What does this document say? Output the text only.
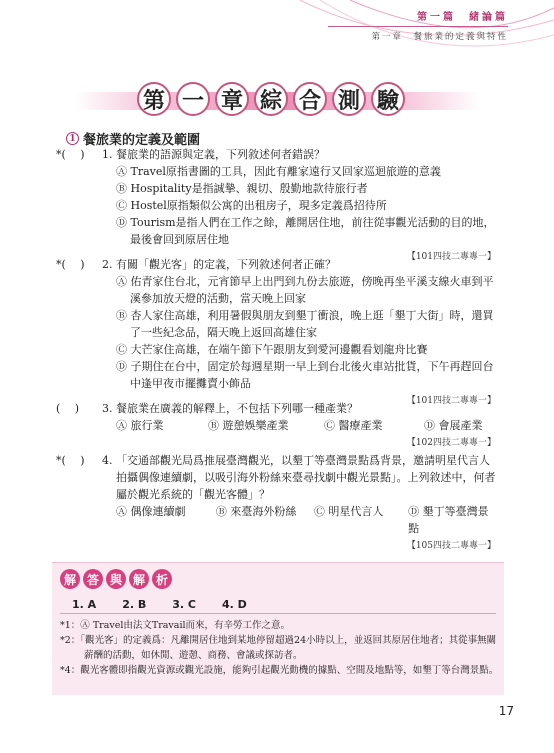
第一篇　緒論篇
第一章　餐旅業的定義與特性
第 一 章 綜 合 測 驗
1 餐旅業的定義及範圍
*(　 ) 1. 餐旅業的語源與定義，下列敘述何者錯誤？
Ⓐ Travel原指書圖的工具，因此有離家遠行又回家巡迴旅遊的意義
Ⓑ Hospitality是指誠摯、親切、殷勤地款待旅行者
Ⓒ Hostel原指類似公寓的出租房子，現多定義爲招待所
Ⓓ Tourism是指人們在工作之餘，離開居住地，前往從事觀光活動的目的地，最後會回到原居住地
【101四技二專專一】
*(　 ) 2. 有關「觀光客」的定義，下列敘述何者正確？
Ⓐ 佑青家住台北，元宵節早上出門到九份去旅遊，傍晚再坐平溪支線火車到平溪參加放天燈的活動，當天晚上回家
Ⓑ 杏人家住高雄，利用暑假與朋友到墾丁衝浪，晚上逛「墾丁大街」時，還買了一些紀念品，隔天晚上返回高雄住家
Ⓒ 大芒家住高雄，在端午節下午跟朋友到愛河邊觀看划龍舟比賽
Ⓓ 子期住在台中，固定於每週星期一早上到台北後火車站批貨，下午再趕回台中逢甲夜市擺攤賣小飾品
【101四技二專專一】
(　 ) 3. 餐旅業在廣義的解釋上，不包括下列哪一種產業？
Ⓐ 旅行業	Ⓑ 遊憩娛樂產業	Ⓒ 醫療產業	Ⓓ 會展產業
【102四技二專專一】
*(　 ) 4. 「交通部觀光局爲推展臺灣觀光，以墾丁等臺灣景點爲背景，邀請明星代言人拍攝偶像連續劇，以吸引海外粉絲來臺尋找劇中觀光景點」。上列敘述中，何者屬於觀光系統的「觀光客體」？
Ⓐ 偶像連續劇	Ⓑ 來臺海外粉絲	Ⓒ 明星代言人	Ⓓ 墾丁等臺灣景點
【105四技二專專一】
解 答 與 解 析
1. A 2. B 3. C 4. D
*1：Ⓐ Travel由法文Travail而來，有辛勞工作之意。
*2：「觀光客」的定義爲：凡離開居住地到某地停留超過24小時以上，並返回其原居住地者；其從事無關薪酬的活動，如休閒、遊憩、商務、會議或探訪者。
*4：觀光客體即指觀光資源或觀光設施，能夠引起觀光動機的據點、空間及地點等，如墾丁等台灣景點。
17
